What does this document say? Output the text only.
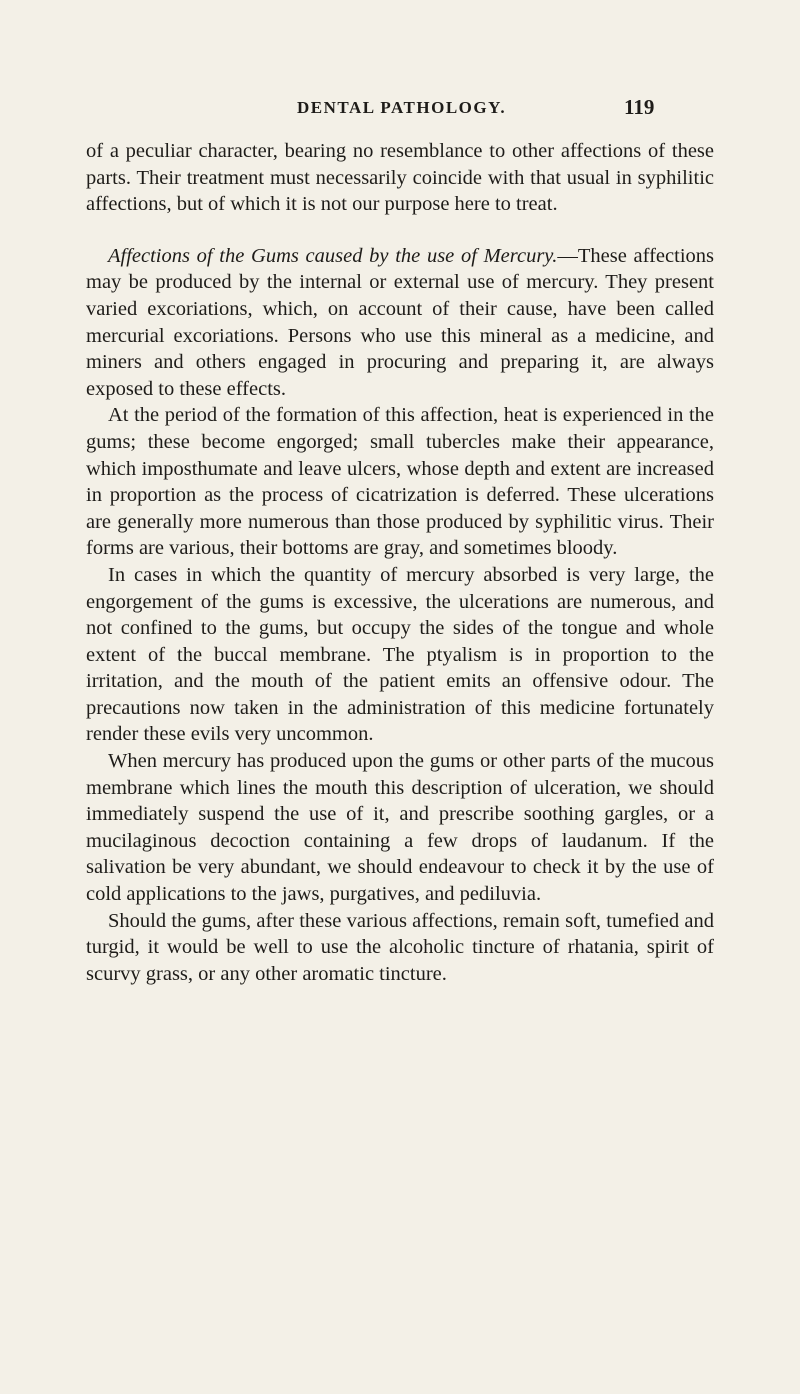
DENTAL PATHOLOGY.	119

of a peculiar character, bearing no resemblance to other affections of these parts. Their treatment must necessarily coincide with that usual in syphilitic affections, but of which it is not our purpose here to treat.

Affections of the Gums caused by the use of Mercury.—These affections may be produced by the internal or external use of mercury. They present varied excoriations, which, on account of their cause, have been called mercurial excoriations. Persons who use this mineral as a medicine, and miners and others engaged in procuring and preparing it, are always exposed to these effects.

At the period of the formation of this affection, heat is experienced in the gums; these become engorged; small tubercles make their appearance, which imposthumate and leave ulcers, whose depth and extent are increased in proportion as the process of cicatrization is deferred. These ulcerations are generally more numerous than those produced by syphilitic virus. Their forms are various, their bottoms are gray, and sometimes bloody.

In cases in which the quantity of mercury absorbed is very large, the engorgement of the gums is excessive, the ulcerations are numerous, and not confined to the gums, but occupy the sides of the tongue and whole extent of the buccal membrane. The ptyalism is in proportion to the irritation, and the mouth of the patient emits an offensive odour. The precautions now taken in the administration of this medicine fortunately render these evils very uncommon.

When mercury has produced upon the gums or other parts of the mucous membrane which lines the mouth this description of ulceration, we should immediately suspend the use of it, and prescribe soothing gargles, or a mucilaginous decoction containing a few drops of laudanum. If the salivation be very abundant, we should endeavour to check it by the use of cold applications to the jaws, purgatives, and pediluvia.

Should the gums, after these various affections, remain soft, tumefied and turgid, it would be well to use the alcoholic tincture of rhatania, spirit of scurvy grass, or any other aromatic tincture.
